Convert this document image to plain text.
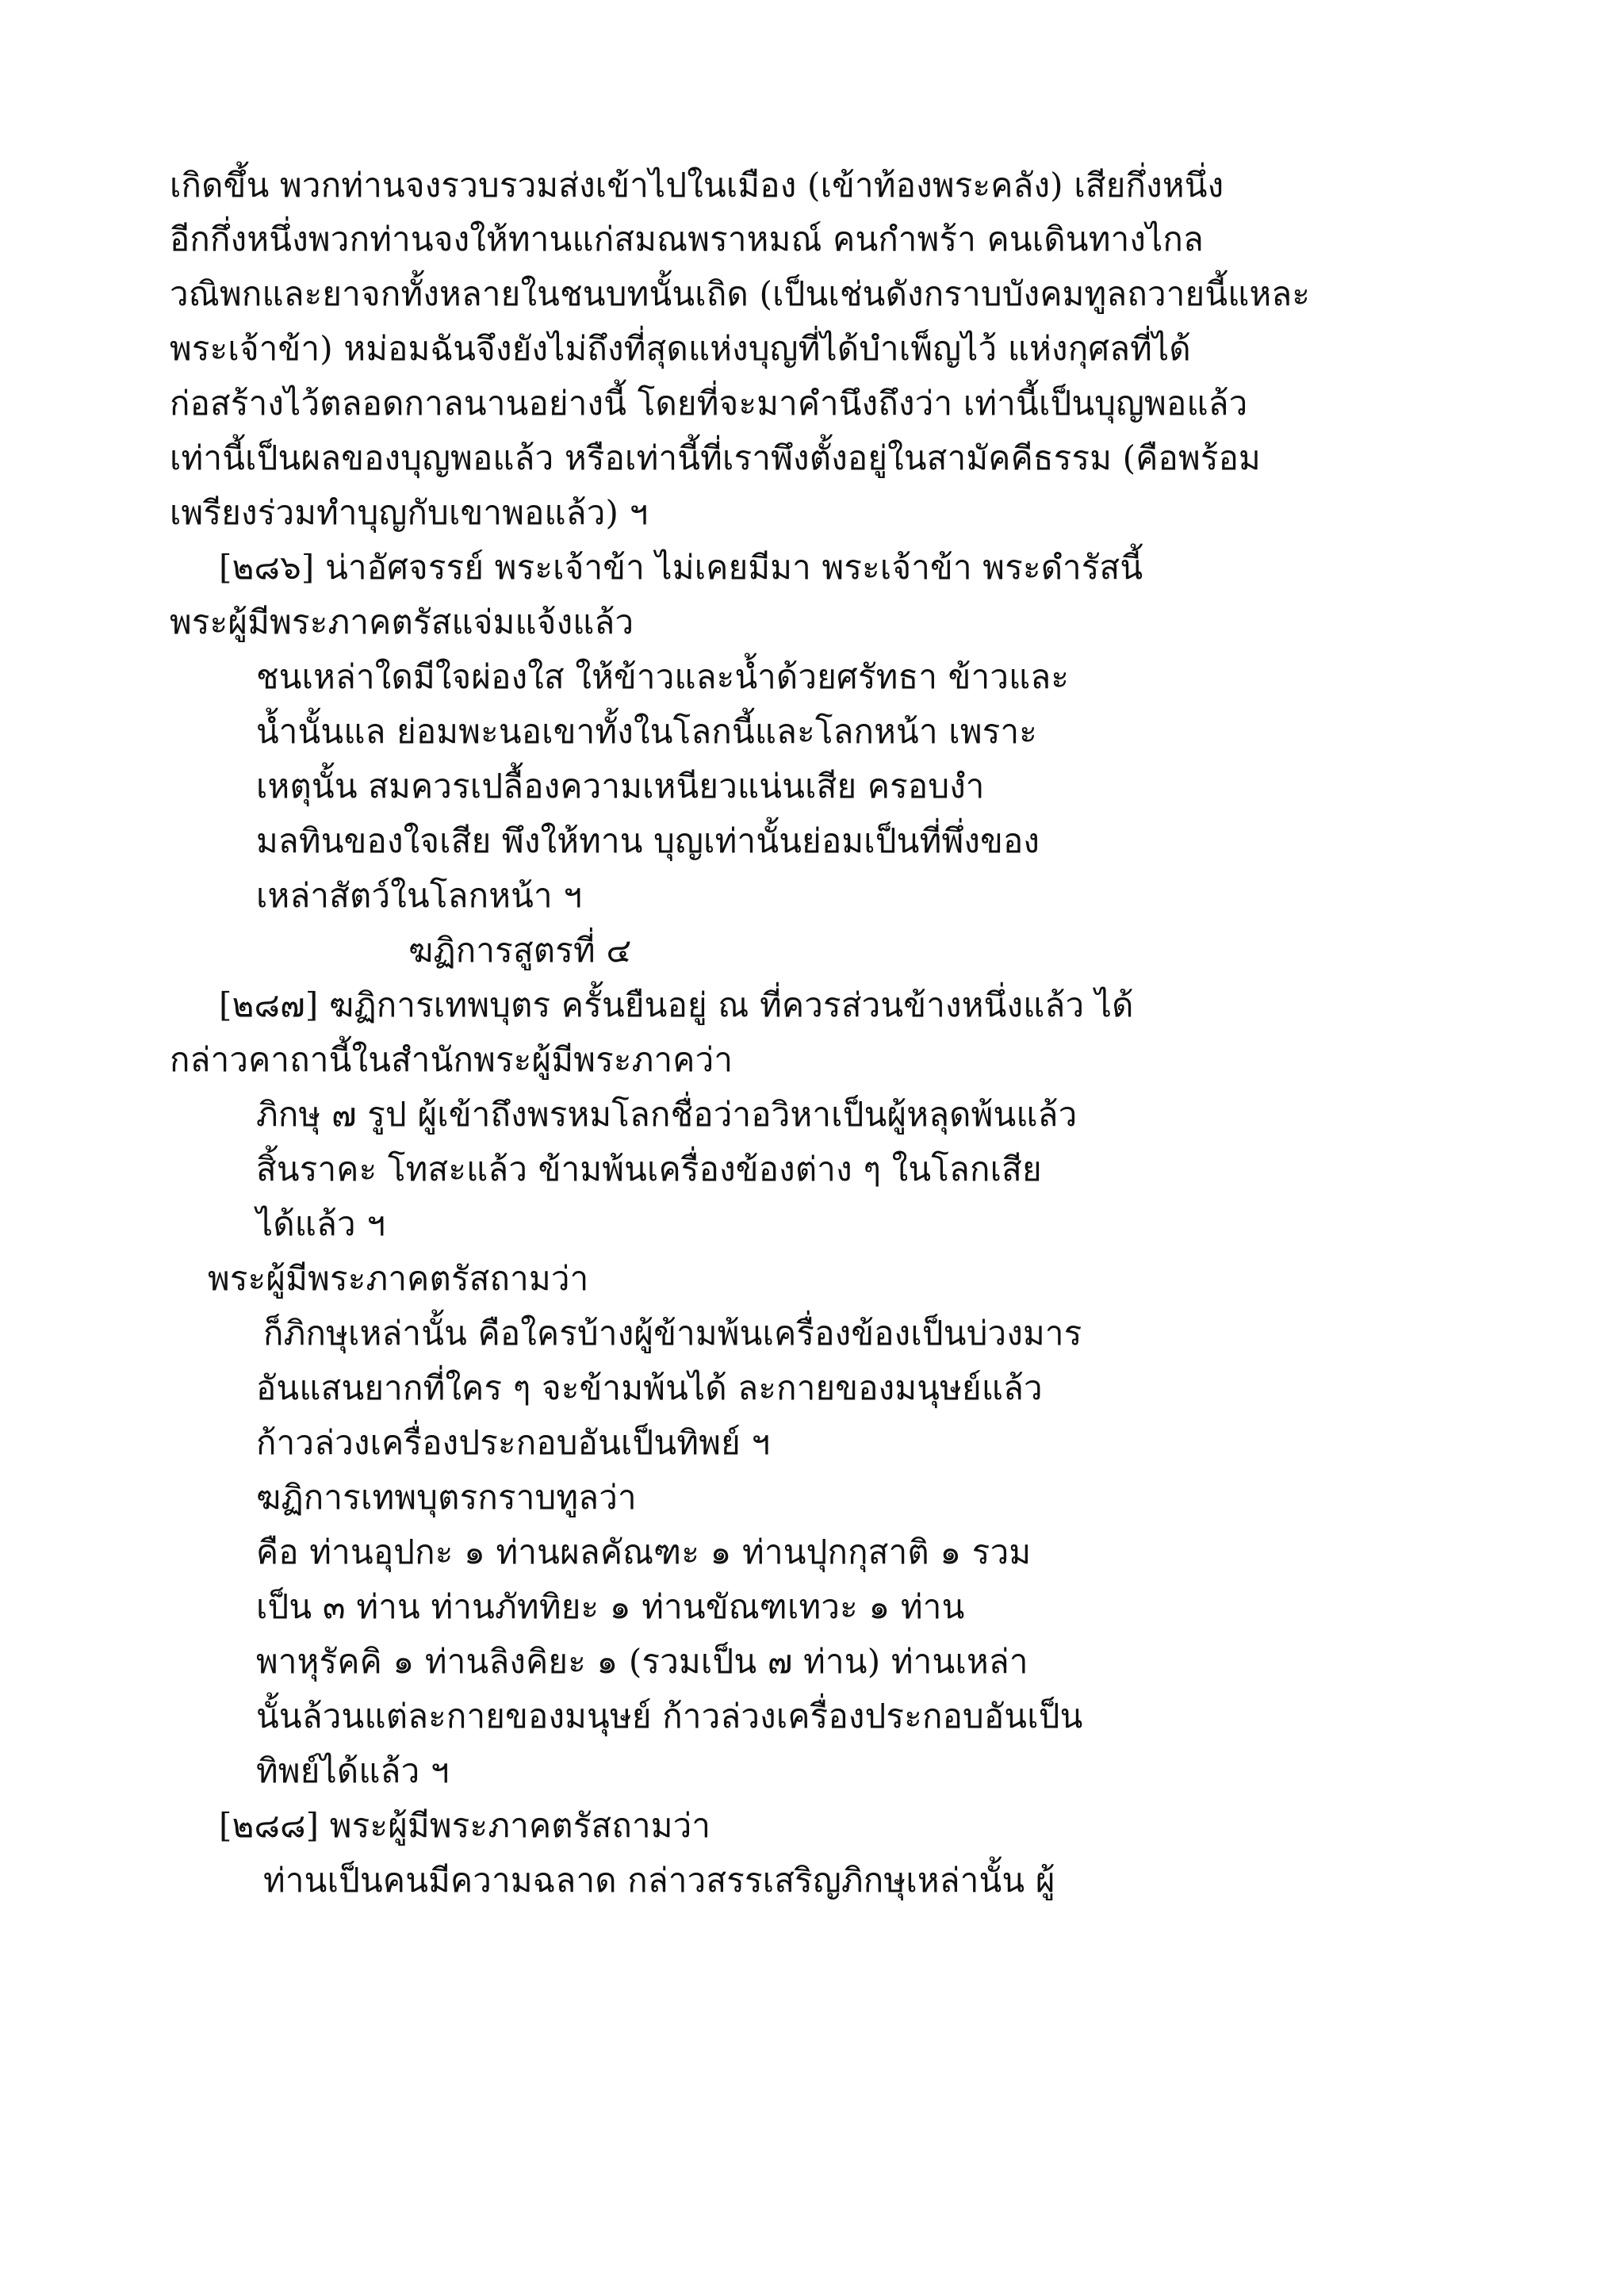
เกิดขึ้น พวกท่านจงรวบรวมส่งเข้าไปในเมือง (เข้าท้องพระคลัง) เสียกึ่งหนึ่ง
อีกกึ่งหนึ่งพวกท่านจงให้ทานแก่สมณพราหมณ์ คนกำพร้า คนเดินทางไกล
วณิพกและยาจกทั้งหลายในชนบทนั้นเถิด (เป็นเช่นดังกราบบังคมทูลถวายนี้แหละ
พระเจ้าข้า) หม่อมฉันจึงยังไม่ถึงที่สุดแห่งบุญที่ได้บำเพ็ญไว้ แห่งกุศลที่ได้
ก่อสร้างไว้ตลอดกาลนานอย่างนี้ โดยที่จะมาคำนึงถึงว่า เท่านี้เป็นบุญพอแล้ว
เท่านี้เป็นผลของบุญพอแล้ว หรือเท่านี้ที่เราพึงตั้งอยู่ในสามัคคีธรรม (คือพร้อม
เพรียงร่วมทำบุญกับเขาพอแล้ว) ฯ
[๒๘๖] น่าอัศจรรย์ พระเจ้าข้า ไม่เคยมีมา พระเจ้าข้า พระดำรัสนี้
พระผู้มีพระภาคตรัสแจ่มแจ้งแล้ว
ชนเหล่าใดมีใจผ่องใส ให้ข้าวและน้ำด้วยศรัทธา ข้าวและ
น้ำนั้นแล ย่อมพะนอเขาทั้งในโลกนี้และโลกหน้า เพราะ
เหตุนั้น สมควรเปลื้องความเหนียวแน่นเสีย ครอบงำ
มลทินของใจเสีย พึงให้ทาน บุญเท่านั้นย่อมเป็นที่พึ่งของ
เหล่าสัตว์ในโลกหน้า ฯ
ฆฏิการสูตรที่ ๔
[๒๘๗] ฆฏิการเทพบุตร ครั้นยืนอยู่ ณ ที่ควรส่วนข้างหนึ่งแล้ว ได้
กล่าวคาถานี้ในสำนักพระผู้มีพระภาคว่า
ภิกษุ ๗ รูป ผู้เข้าถึงพรหมโลกชื่อว่าอวิหาเป็นผู้หลุดพ้นแล้ว
สิ้นราคะ โทสะแล้ว ข้ามพ้นเครื่องข้องต่าง ๆ ในโลกเสีย
ได้แล้ว ฯ
พระผู้มีพระภาคตรัสถามว่า
ก็ภิกษุเหล่านั้น คือใครบ้างผู้ข้ามพ้นเครื่องข้องเป็นบ่วงมาร
อันแสนยากที่ใคร ๆ จะข้ามพ้นได้ ละกายของมนุษย์แล้ว
ก้าวล่วงเครื่องประกอบอันเป็นทิพย์ ฯ
ฆฏิการเทพบุตรกราบทูลว่า
คือ ท่านอุปกะ ๑ ท่านผลคัณฑะ ๑ ท่านปุกกุสาติ ๑ รวม
เป็น ๓ ท่าน ท่านภัททิยะ ๑ ท่านขัณฑเทวะ ๑ ท่าน
พาหุรัคคิ ๑ ท่านลิงคิยะ ๑ (รวมเป็น ๗ ท่าน) ท่านเหล่า
นั้นล้วนแต่ละกายของมนุษย์ ก้าวล่วงเครื่องประกอบอันเป็น
ทิพย์ได้แล้ว ฯ
[๒๘๘] พระผู้มีพระภาคตรัสถามว่า
ท่านเป็นคนมีความฉลาด กล่าวสรรเสริญภิกษุเหล่านั้น ผู้
